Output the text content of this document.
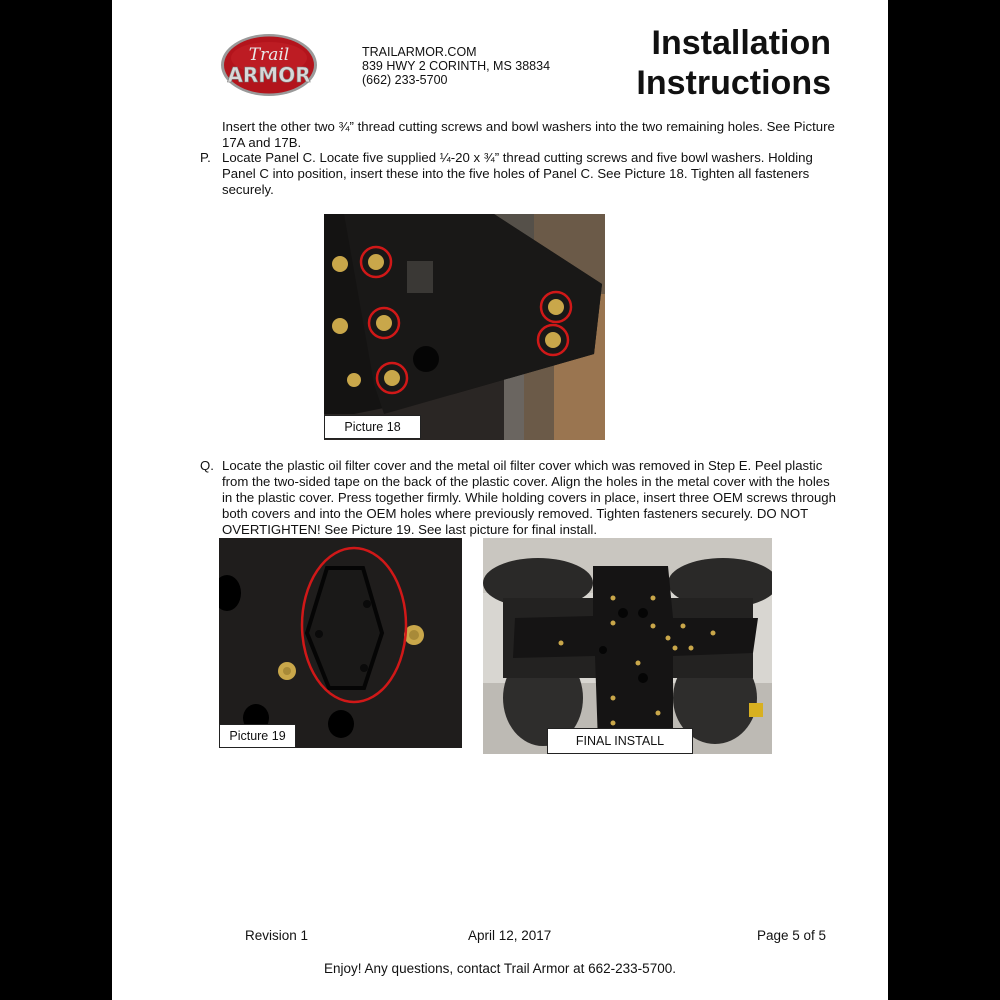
Trail
ARMOR
TRAILARMOR.COM
839 HWY 2 CORINTH, MS 38834
(662) 233-5700
Installation
Instructions
Insert the other two ¾” thread cutting screws and bowl washers into the two remaining holes. See Picture 17A and 17B.
P. Locate Panel C. Locate five supplied ¼-20 x ¾” thread cutting screws and five bowl washers. Holding Panel C into position, insert these into the five holes of Panel C. See Picture 18. Tighten all fasteners securely.
Picture 18
Q. Locate the plastic oil filter cover and the metal oil filter cover which was removed in Step E. Peel plastic from the two-sided tape on the back of the plastic cover. Align the holes in the metal cover with the holes in the plastic cover. Press together firmly. While holding covers in place, insert three OEM screws through both covers and into the OEM holes where previously removed. Tighten fasteners securely. DO NOT OVERTIGHTEN! See Picture 19. See last picture for final install.
Picture 19	FINAL INSTALL
Revision 1	April 12, 2017	Page 5 of 5
Enjoy! Any questions, contact Trail Armor at 662-233-5700.
